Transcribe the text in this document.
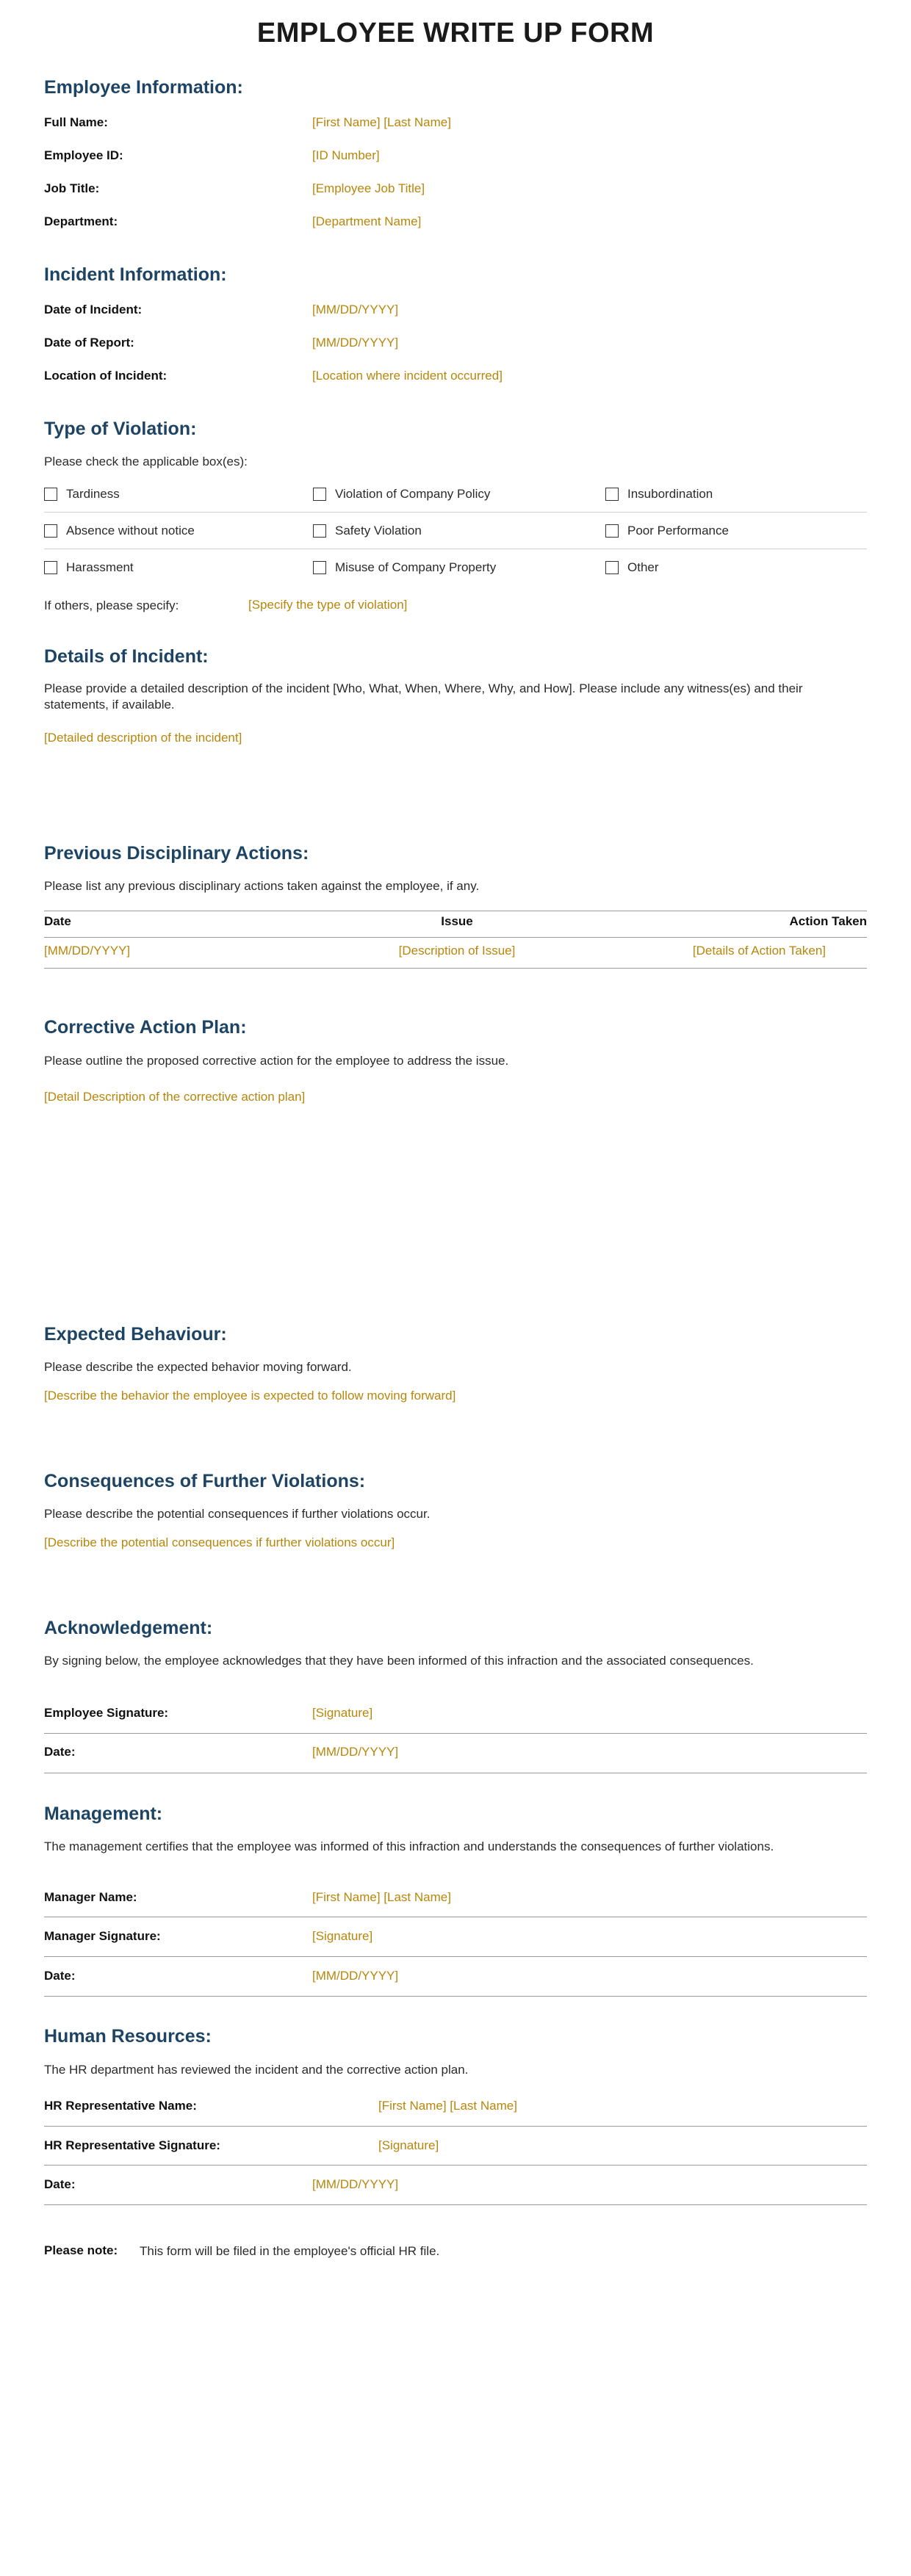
EMPLOYEE WRITE UP FORM
Employee Information:
Full Name:	[First Name] [Last Name]
Employee ID:	[ID Number]
Job Title:	[Employee Job Title]
Department:	[Department Name]
Incident Information:
Date of Incident:	[MM/DD/YYYY]
Date of Report:	[MM/DD/YYYY]
Location of Incident:	[Location where incident occurred]
Type of Violation:
Please check the applicable box(es):
Tardiness	Violation of Company Policy	Insubordination
Absence without notice	Safety Violation	Poor Performance
Harassment	Misuse of Company Property	Other
If others, please specify:	[Specify the type of violation]
Details of Incident:
Please provide a detailed description of the incident [Who, What, When, Where, Why, and How]. Please include any witness(es) and their statements, if available.
[Detailed description of the incident]
Previous Disciplinary Actions:
Please list any previous disciplinary actions taken against the employee, if any.
Date	Issue	Action Taken
[MM/DD/YYYY]	[Description of Issue]	[Details of Action Taken]
Corrective Action Plan:
Please outline the proposed corrective action for the employee to address the issue.
[Detail Description of the corrective action plan]
Expected Behaviour:
Please describe the expected behavior moving forward.
[Describe the behavior the employee is expected to follow moving forward]
Consequences of Further Violations:
Please describe the potential consequences if further violations occur.
[Describe the potential consequences if further violations occur]
Acknowledgement:
By signing below, the employee acknowledges that they have been informed of this infraction and the associated consequences.
Employee Signature:	[Signature]
Date:	[MM/DD/YYYY]
Management:
The management certifies that the employee was informed of this infraction and understands the consequences of further violations.
Manager Name:	[First Name] [Last Name]
Manager Signature:	[Signature]
Date:	[MM/DD/YYYY]
Human Resources:
The HR department has reviewed the incident and the corrective action plan.
HR Representative Name:	[First Name] [Last Name]
HR Representative Signature:	[Signature]
Date:	[MM/DD/YYYY]
Please note: This form will be filed in the employee's official HR file.
